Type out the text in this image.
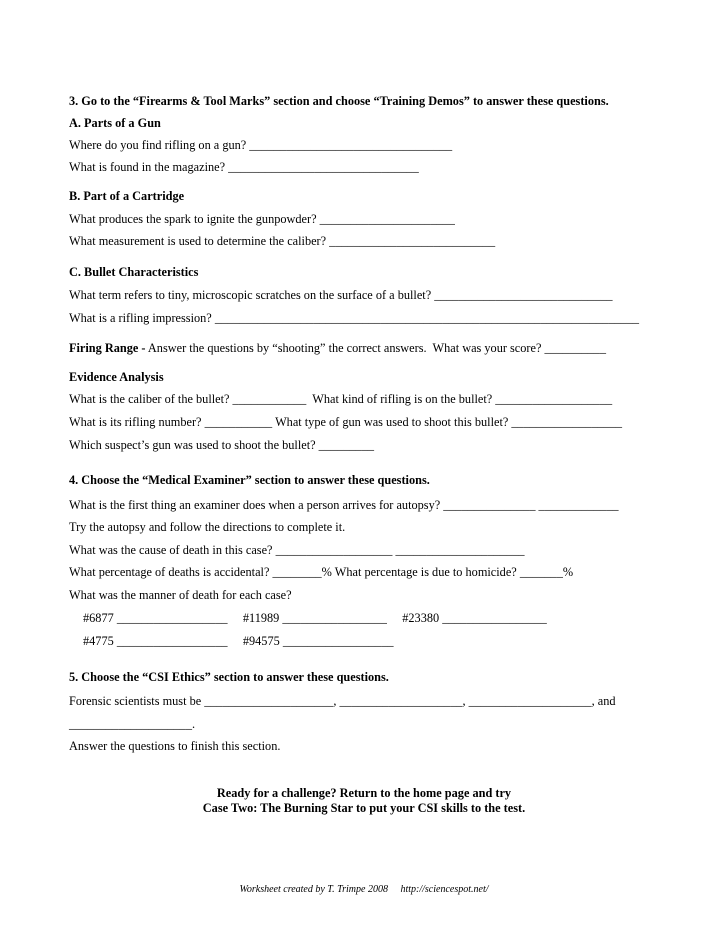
3. Go to the “Firearms & Tool Marks” section and choose “Training Demos” to answer these questions.
A. Parts of a Gun
Where do you find rifling on a gun? _________________________________
What is found in the magazine? _______________________________
B. Part of a Cartridge
What produces the spark to ignite the gunpowder? ______________________
What measurement is used to determine the caliber? ___________________________
C. Bullet Characteristics
What term refers to tiny, microscopic scratches on the surface of a bullet? _____________________________
What is a rifling impression? _____________________________________________________________________
Firing Range - Answer the questions by “shooting” the correct answers.  What was your score? __________
Evidence Analysis
What is the caliber of the bullet? ____________  What kind of rifling is on the bullet? ___________________
What is its rifling number? ___________ What type of gun was used to shoot this bullet? __________________
Which suspect’s gun was used to shoot the bullet? _________
4. Choose the “Medical Examiner” section to answer these questions.
What is the first thing an examiner does when a person arrives for autopsy? _______________ _____________
Try the autopsy and follow the directions to complete it.
What was the cause of death in this case? ___________________ _____________________
What percentage of deaths is accidental? ________% What percentage is due to homicide? _______%
What was the manner of death for each case?
#6877 __________________     #11989 _________________     #23380 _________________
#4775 __________________     #94575 __________________
5. Choose the “CSI Ethics” section to answer these questions.
Forensic scientists must be _____________________, ____________________, ____________________, and
____________________.
Answer the questions to finish this section.
Ready for a challenge? Return to the home page and try
Case Two: The Burning Star to put your CSI skills to the test.
Worksheet created by T. Trimpe 2008     http://sciencespot.net/
